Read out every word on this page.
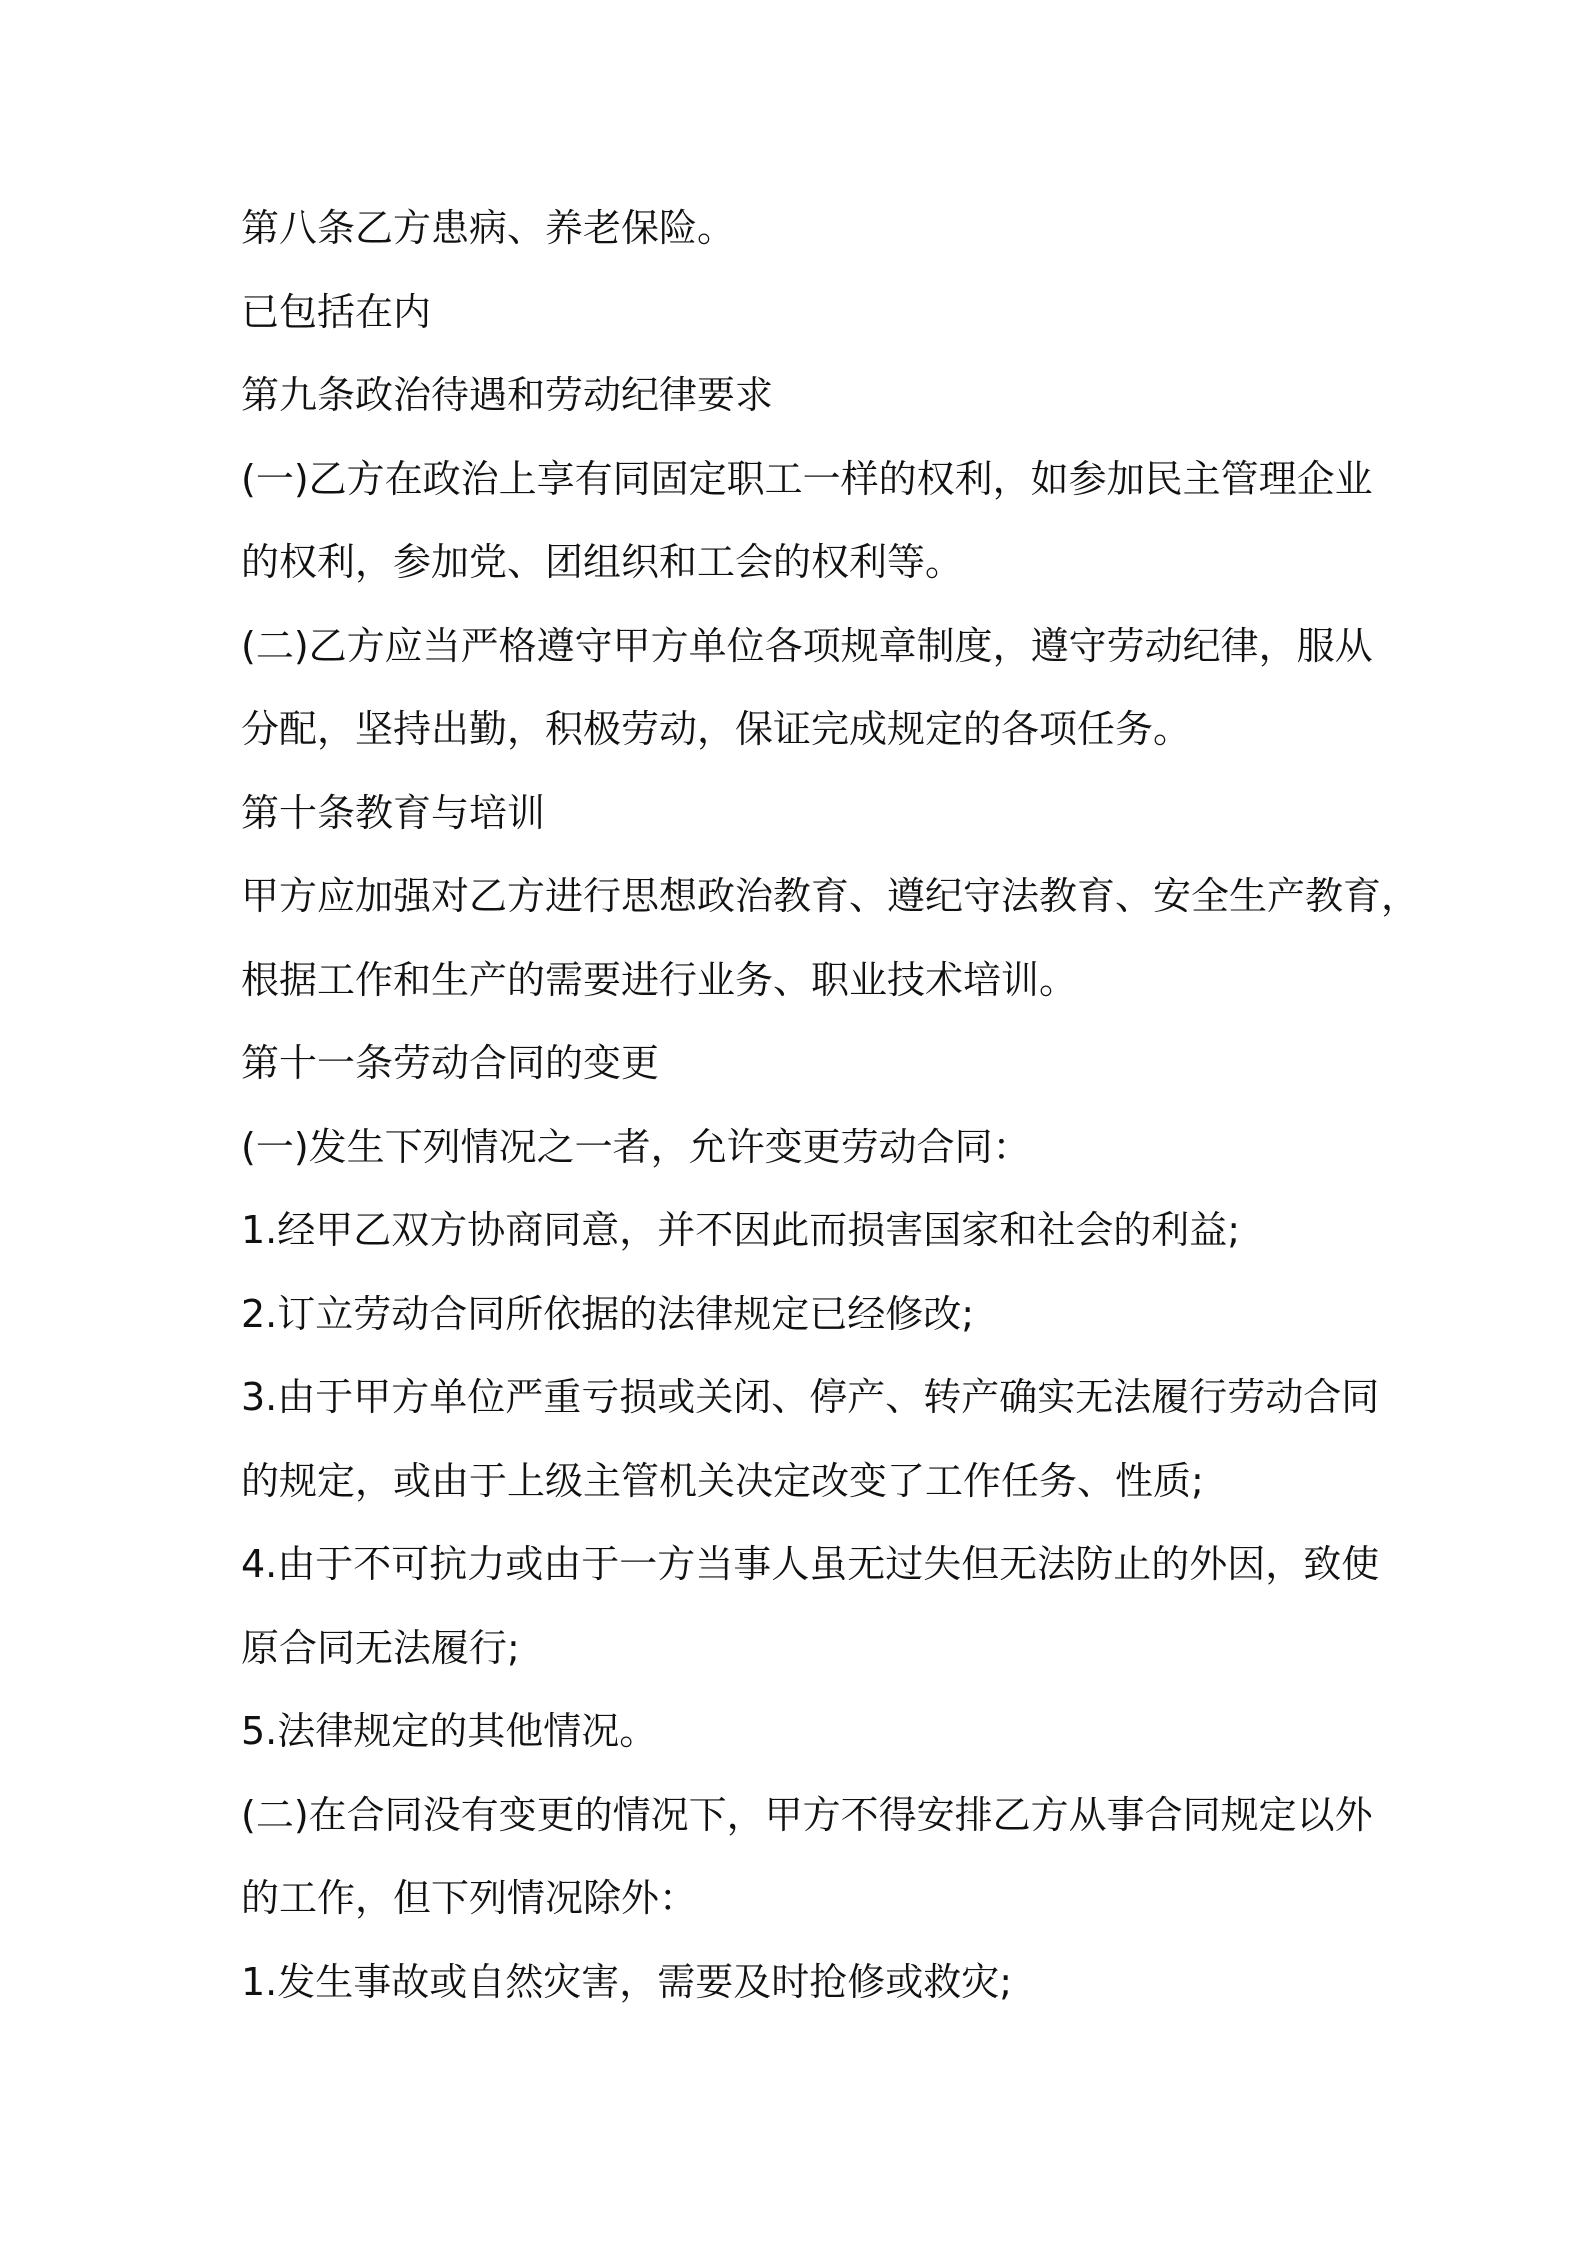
第八条乙方患病、养老保险。
已包括在内
第九条政治待遇和劳动纪律要求
(一)乙方在政治上享有同固定职工一样的权利，如参加民主管理企业
的权利，参加党、团组织和工会的权利等。
(二)乙方应当严格遵守甲方单位各项规章制度，遵守劳动纪律，服从
分配，坚持出勤，积极劳动，保证完成规定的各项任务。
第十条教育与培训
甲方应加强对乙方进行思想政治教育、遵纪守法教育、安全生产教育，
根据工作和生产的需要进行业务、职业技术培训。
第十一条劳动合同的变更
(一)发生下列情况之一者，允许变更劳动合同：
1.经甲乙双方协商同意，并不因此而损害国家和社会的利益;
2.订立劳动合同所依据的法律规定已经修改;
3.由于甲方单位严重亏损或关闭、停产、转产确实无法履行劳动合同
的规定，或由于上级主管机关决定改变了工作任务、性质;
4.由于不可抗力或由于一方当事人虽无过失但无法防止的外因，致使
原合同无法履行;
5.法律规定的其他情况。
(二)在合同没有变更的情况下，甲方不得安排乙方从事合同规定以外
的工作，但下列情况除外：
1.发生事故或自然灾害，需要及时抢修或救灾;
